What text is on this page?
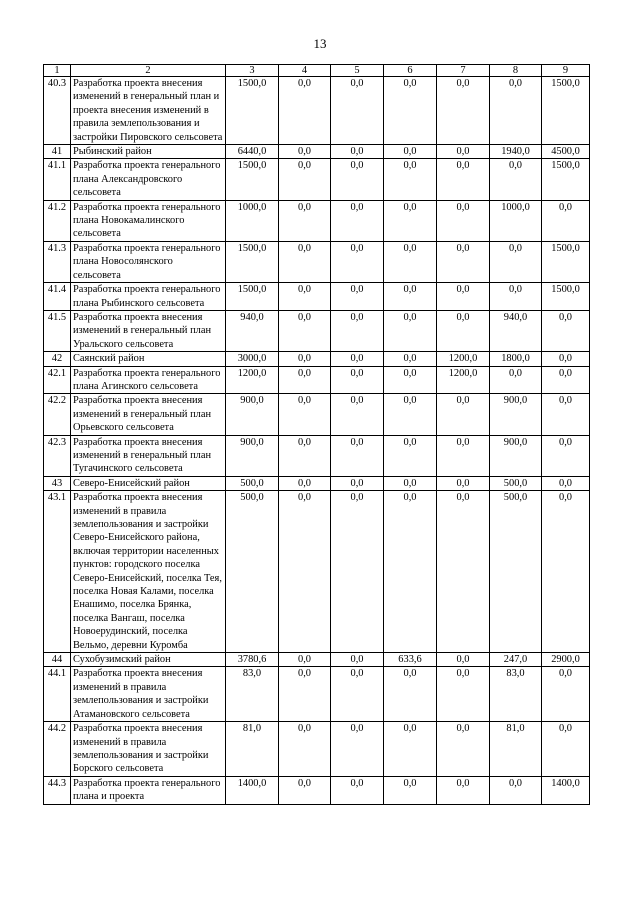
13
1	2	3	4	5	6	7	8	9
40.3	Разработка проекта внесения изменений в генеральный план и проекта внесения изменений в правила землепользования и застройки Пировского сельсовета	1500,0	0,0	0,0	0,0	0,0	0,0	1500,0
41	Рыбинский район	6440,0	0,0	0,0	0,0	0,0	1940,0	4500,0
41.1	Разработка проекта генерального плана Александровского сельсовета	1500,0	0,0	0,0	0,0	0,0	0,0	1500,0
41.2	Разработка проекта генерального плана Новокамалинского сельсовета	1000,0	0,0	0,0	0,0	0,0	1000,0	0,0
41.3	Разработка проекта генерального плана Новосолянского сельсовета	1500,0	0,0	0,0	0,0	0,0	0,0	1500,0
41.4	Разработка проекта генерального плана Рыбинского сельсовета	1500,0	0,0	0,0	0,0	0,0	0,0	1500,0
41.5	Разработка проекта внесения изменений в генеральный план Уральского сельсовета	940,0	0,0	0,0	0,0	0,0	940,0	0,0
42	Саянский район	3000,0	0,0	0,0	0,0	1200,0	1800,0	0,0
42.1	Разработка проекта генерального плана Агинского сельсовета	1200,0	0,0	0,0	0,0	1200,0	0,0	0,0
42.2	Разработка проекта внесения изменений в генеральный план Орьевского сельсовета	900,0	0,0	0,0	0,0	0,0	900,0	0,0
42.3	Разработка проекта внесения изменений в генеральный план Тугачинского сельсовета	900,0	0,0	0,0	0,0	0,0	900,0	0,0
43	Северо-Енисейский район	500,0	0,0	0,0	0,0	0,0	500,0	0,0
43.1	Разработка проекта внесения изменений в правила землепользования и застройки Северо-Енисейского района, включая территории населенных пунктов: городского поселка Северо-Енисейский, поселка Тея, поселка Новая Калами, поселка Енашимо, поселка Брянка, поселка Вангаш, поселка Новоерудинский, поселка Вельмо, деревни Куромба	500,0	0,0	0,0	0,0	0,0	500,0	0,0
44	Сухобузимский район	3780,6	0,0	0,0	633,6	0,0	247,0	2900,0
44.1	Разработка проекта внесения изменений в правила землепользования и застройки Атамановского сельсовета	83,0	0,0	0,0	0,0	0,0	83,0	0,0
44.2	Разработка проекта внесения изменений в правила землепользования и застройки Борского сельсовета	81,0	0,0	0,0	0,0	0,0	81,0	0,0
44.3	Разработка проекта генерального плана и проекта	1400,0	0,0	0,0	0,0	0,0	0,0	1400,0
